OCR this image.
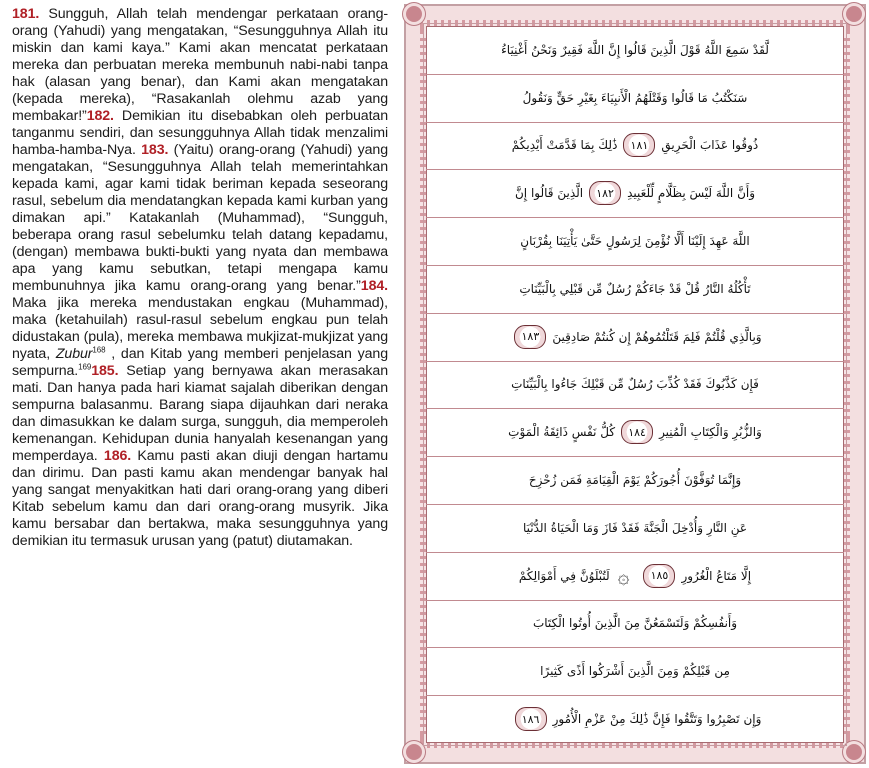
181. Sungguh, Allah telah mendengar perkataan orang-orang (Yahudi) yang mengatakan, “Sesungguhnya Allah itu miskin dan kami kaya.” Kami akan mencatat perkataan mereka dan perbuatan mereka membunuh nabi-nabi tanpa hak (alasan yang benar), dan Kami akan mengatakan (kepada mereka), “Rasakanlah olehmu azab yang membakar!”182. Demikian itu disebabkan oleh perbuatan tanganmu sendiri, dan sesungguhnya Allah tidak menzalimi hamba-hamba-Nya. 183. (Yaitu) orang-orang (Yahudi) yang mengatakan, “Sesungguhnya Allah telah memerintahkan kepada kami, agar kami tidak beriman kepada seseorang rasul, sebelum dia mendatangkan kepada kami kurban yang dimakan api.” Katakanlah (Muhammad), “Sungguh, beberapa orang rasul sebelumku telah datang kepadamu, (dengan) membawa bukti-bukti yang nyata dan membawa apa yang kamu sebutkan, tetapi mengapa kamu membunuhnya jika kamu orang-orang yang benar.”184. Maka jika mereka mendustakan engkau (Muhammad), maka (ketahuilah) rasul-rasul sebelum engkau pun telah didustakan (pula), mereka membawa mukjizat-mukjizat yang nyata, Zubur$^{168}$ , dan Kitab yang memberi penjelasan yang sempurna.$^{169}$185. Setiap yang bernyawa akan merasakan mati. Dan hanya pada hari kiamat sajalah diberikan dengan sempurna balasanmu. Barang siapa dijauhkan dari neraka dan dimasukkan ke dalam surga, sungguh, dia memperoleh kemenangan. Kehidupan dunia hanyalah kesenangan yang memperdaya. 186. Kamu pasti akan diuji dengan hartamu dan dirimu. Dan pasti kamu akan mendengar banyak hal yang sangat menyakitkan hati dari orang-orang yang diberi Kitab sebelum kamu dan dari orang-orang musyrik. Jika kamu bersabar dan bertakwa, maka sesungguhnya yang demikian itu termasuk urusan yang (patut) diutamakan.
لَّقَدْ سَمِعَ اللَّهُ قَوْلَ الَّذِينَ قَالُوا إِنَّ اللَّهَ فَقِيرٌ وَنَحْنُ أَغْنِيَاءُ
سَنَكْتُبُ مَا قَالُوا وَقَتْلَهُمُ الْأَنبِيَاءَ بِغَيْرِ حَقٍّ وَنَقُولُ
ذُوقُوا عَذَابَ الْحَرِيقِ
١٨١
ذَٰلِكَ بِمَا قَدَّمَتْ أَيْدِيكُمْ
وَأَنَّ اللَّهَ لَيْسَ بِظَلَّامٍ لِّلْعَبِيدِ
١٨٢
الَّذِينَ قَالُوا إِنَّ
اللَّهَ عَهِدَ إِلَيْنَا أَلَّا نُؤْمِنَ لِرَسُولٍ حَتَّىٰ يَأْتِيَنَا بِقُرْبَانٍ
تَأْكُلُهُ النَّارُ قُلْ قَدْ جَاءَكُمْ رُسُلٌ مِّن قَبْلِي بِالْبَيِّنَاتِ
وَبِالَّذِي قُلْتُمْ فَلِمَ قَتَلْتُمُوهُمْ إِن كُنتُمْ صَادِقِينَ
١٨٣
فَإِن كَذَّبُوكَ فَقَدْ كُذِّبَ رُسُلٌ مِّن قَبْلِكَ جَاءُوا بِالْبَيِّنَاتِ
وَالزُّبُرِ وَالْكِتَابِ الْمُنِيرِ
١٨٤
كُلُّ نَفْسٍ ذَائِقَةُ الْمَوْتِ
وَإِنَّمَا تُوَفَّوْنَ أُجُورَكُمْ يَوْمَ الْقِيَامَةِ فَمَن زُحْزِحَ
عَنِ النَّارِ وَأُدْخِلَ الْجَنَّةَ فَقَدْ فَازَ وَمَا الْحَيَاةُ الدُّنْيَا
إِلَّا مَتَاعُ الْغُرُورِ
١٨٥
۞
لَتُبْلَوُنَّ فِي أَمْوَالِكُمْ
وَأَنفُسِكُمْ وَلَتَسْمَعُنَّ مِنَ الَّذِينَ أُوتُوا الْكِتَابَ
مِن قَبْلِكُمْ وَمِنَ الَّذِينَ أَشْرَكُوا أَذًى كَثِيرًا
وَإِن تَصْبِرُوا وَتَتَّقُوا فَإِنَّ ذَٰلِكَ مِنْ عَزْمِ الْأُمُورِ
١٨٦
